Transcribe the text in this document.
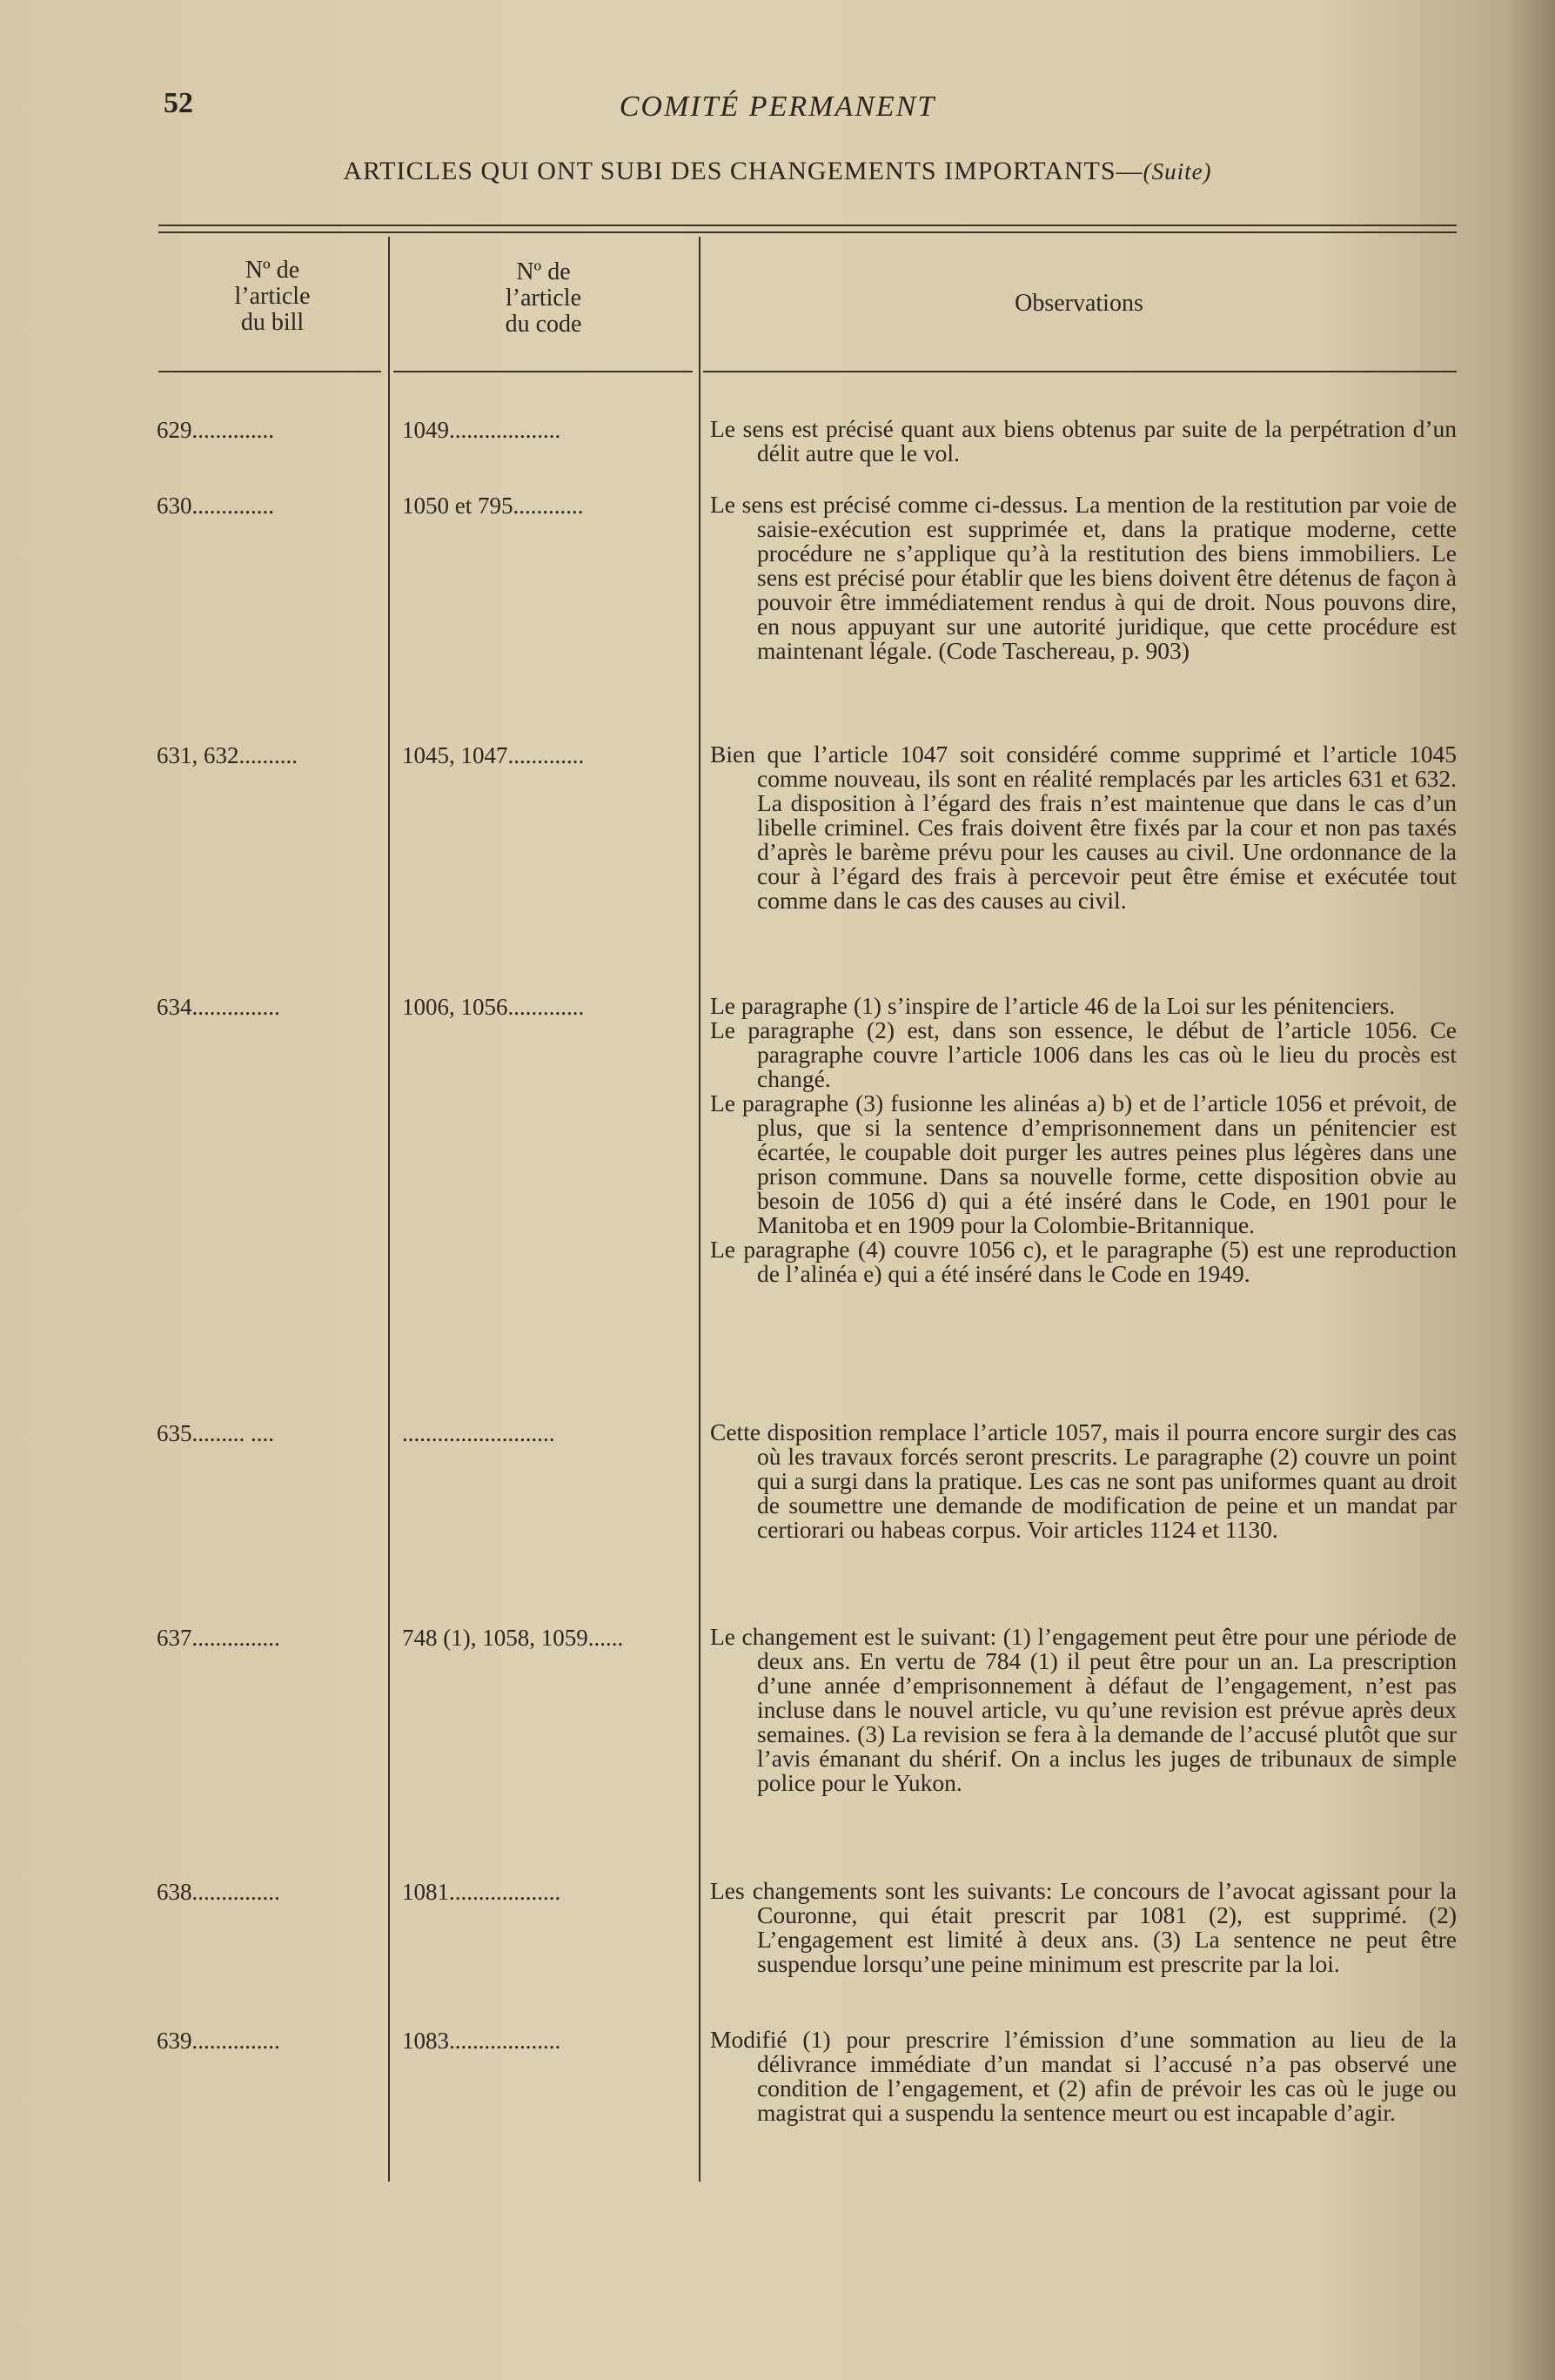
52	COMITÉ PERMANENT
ARTICLES QUI ONT SUBI DES CHANGEMENTS IMPORTANTS—(Suite)
Nº de
l’article
du bill
Nº de
l’article
du code
Observations
629..............	1049...................	Le sens est précisé quant aux biens obtenus par suite de la perpétration d’un délit autre que le vol.

630..............	1050 et 795............	Le sens est précisé comme ci-dessus. La mention de la restitution par voie de saisie-exécution est supprimée et, dans la pratique moderne, cette procédure ne s’applique qu’à la restitution des biens immobiliers. Le sens est précisé pour établir que les biens doivent être détenus de façon à pouvoir être immédiatement rendus à qui de droit. Nous pouvons dire, en nous appuyant sur une autorité juridique, que cette procédure est maintenant légale. (Code Taschereau, p. 903)

631, 632..........	1045, 1047.............	Bien que l’article 1047 soit considéré comme supprimé et l’article 1045 comme nouveau, ils sont en réalité remplacés par les articles 631 et 632. La disposition à l’égard des frais n’est maintenue que dans le cas d’un libelle criminel. Ces frais doivent être fixés par la cour et non pas taxés d’après le barème prévu pour les causes au civil. Une ordonnance de la cour à l’égard des frais à percevoir peut être émise et exécutée tout comme dans le cas des causes au civil.

634...............	1006, 1056.............	Le paragraphe (1) s’inspire de l’article 46 de la Loi sur les pénitenciers.

Le paragraphe (2) est, dans son essence, le début de l’article 1056. Ce paragraphe couvre l’article 1006 dans les cas où le lieu du procès est changé.

Le paragraphe (3) fusionne les alinéas a) b) et de l’article 1056 et prévoit, de plus, que si la sentence d’emprisonnement dans un pénitencier est écartée, le coupable doit purger les autres peines plus légères dans une prison commune. Dans sa nouvelle forme, cette disposition obvie au besoin de 1056 d) qui a été inséré dans le Code, en 1901 pour le Manitoba et en 1909 pour la Colombie-Britannique.

Le paragraphe (4) couvre 1056 c), et le paragraphe (5) est une reproduction de l’alinéa e) qui a été inséré dans le Code en 1949.

635......... ....	..........................	Cette disposition remplace l’article 1057, mais il pourra encore surgir des cas où les travaux forcés seront prescrits. Le paragraphe (2) couvre un point qui a surgi dans la pratique. Les cas ne sont pas uniformes quant au droit de soumettre une demande de modification de peine et un mandat par certiorari ou habeas corpus. Voir articles 1124 et 1130.

637...............	748 (1), 1058, 1059......	Le changement est le suivant: (1) l’engagement peut être pour une période de deux ans. En vertu de 784 (1) il peut être pour un an. La prescription d’une année d’emprisonnement à défaut de l’engagement, n’est pas incluse dans le nouvel article, vu qu’une revision est prévue après deux semaines. (3) La revision se fera à la demande de l’accusé plutôt que sur l’avis émanant du shérif. On a inclus les juges de tribunaux de simple police pour le Yukon.

638...............	1081...................	Les changements sont les suivants: Le concours de l’avocat agissant pour la Couronne, qui était prescrit par 1081 (2), est supprimé. (2) L’engagement est limité à deux ans. (3) La sentence ne peut être suspendue lorsqu’une peine minimum est prescrite par la loi.

639...............	1083...................	Modifié (1) pour prescrire l’émission d’une sommation au lieu de la délivrance immédiate d’un mandat si l’accusé n’a pas observé une condition de l’engagement, et (2) afin de prévoir les cas où le juge ou magistrat qui a suspendu la sentence meurt ou est incapable d’agir.
